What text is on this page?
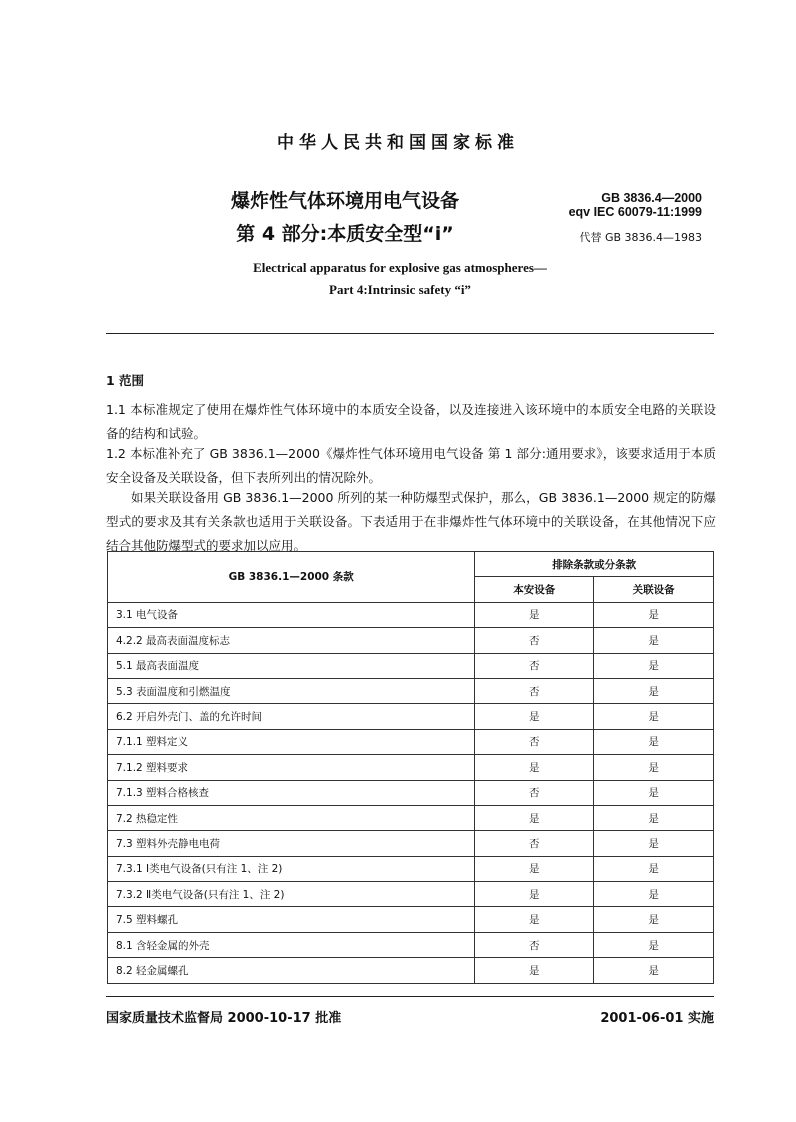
中华人民共和国国家标准
爆炸性气体环境用电气设备
第 4 部分:本质安全型“i”
GB 3836.4—2000
eqv IEC 60079-11:1999
代替 GB 3836.4—1983
Electrical apparatus for explosive gas atmospheres—
Part 4:Intrinsic safety “i”
1 范围
1.1 本标准规定了使用在爆炸性气体环境中的本质安全设备，以及连接进入该环境中的本质安全电路的关联设备的结构和试验。
1.2 本标准补充了 GB 3836.1—2000《爆炸性气体环境用电气设备 第 1 部分:通用要求》，该要求适用于本质安全设备及关联设备，但下表所列出的情况除外。
如果关联设备用 GB 3836.1—2000 所列的某一种防爆型式保护，那么，GB 3836.1—2000 规定的防爆型式的要求及其有关条款也适用于关联设备。下表适用于在非爆炸性气体环境中的关联设备，在其他情况下应结合其他防爆型式的要求加以应用。
GB 3836.1—2000 条款	排除条款或分条款	
	本安设备	关联设备
3.1 电气设备	是	是
4.2.2 最高表面温度标志	否	是
5.1 最高表面温度	否	是
5.3 表面温度和引燃温度	否	是
6.2 开启外壳门、盖的允许时间	是	是
7.1.1 塑料定义	否	是
7.1.2 塑料要求	是	是
7.1.3 塑料合格核查	否	是
7.2 热稳定性	是	是
7.3 塑料外壳静电电荷	否	是
7.3.1 Ⅰ类电气设备(只有注 1、注 2)	是	是
7.3.2 Ⅱ类电气设备(只有注 1、注 2)	是	是
7.5 塑料螺孔	是	是
8.1 含轻金属的外壳	否	是
8.2 轻金属螺孔	是	是
国家质量技术监督局 2000-10-17 批准	2001-06-01 实施
